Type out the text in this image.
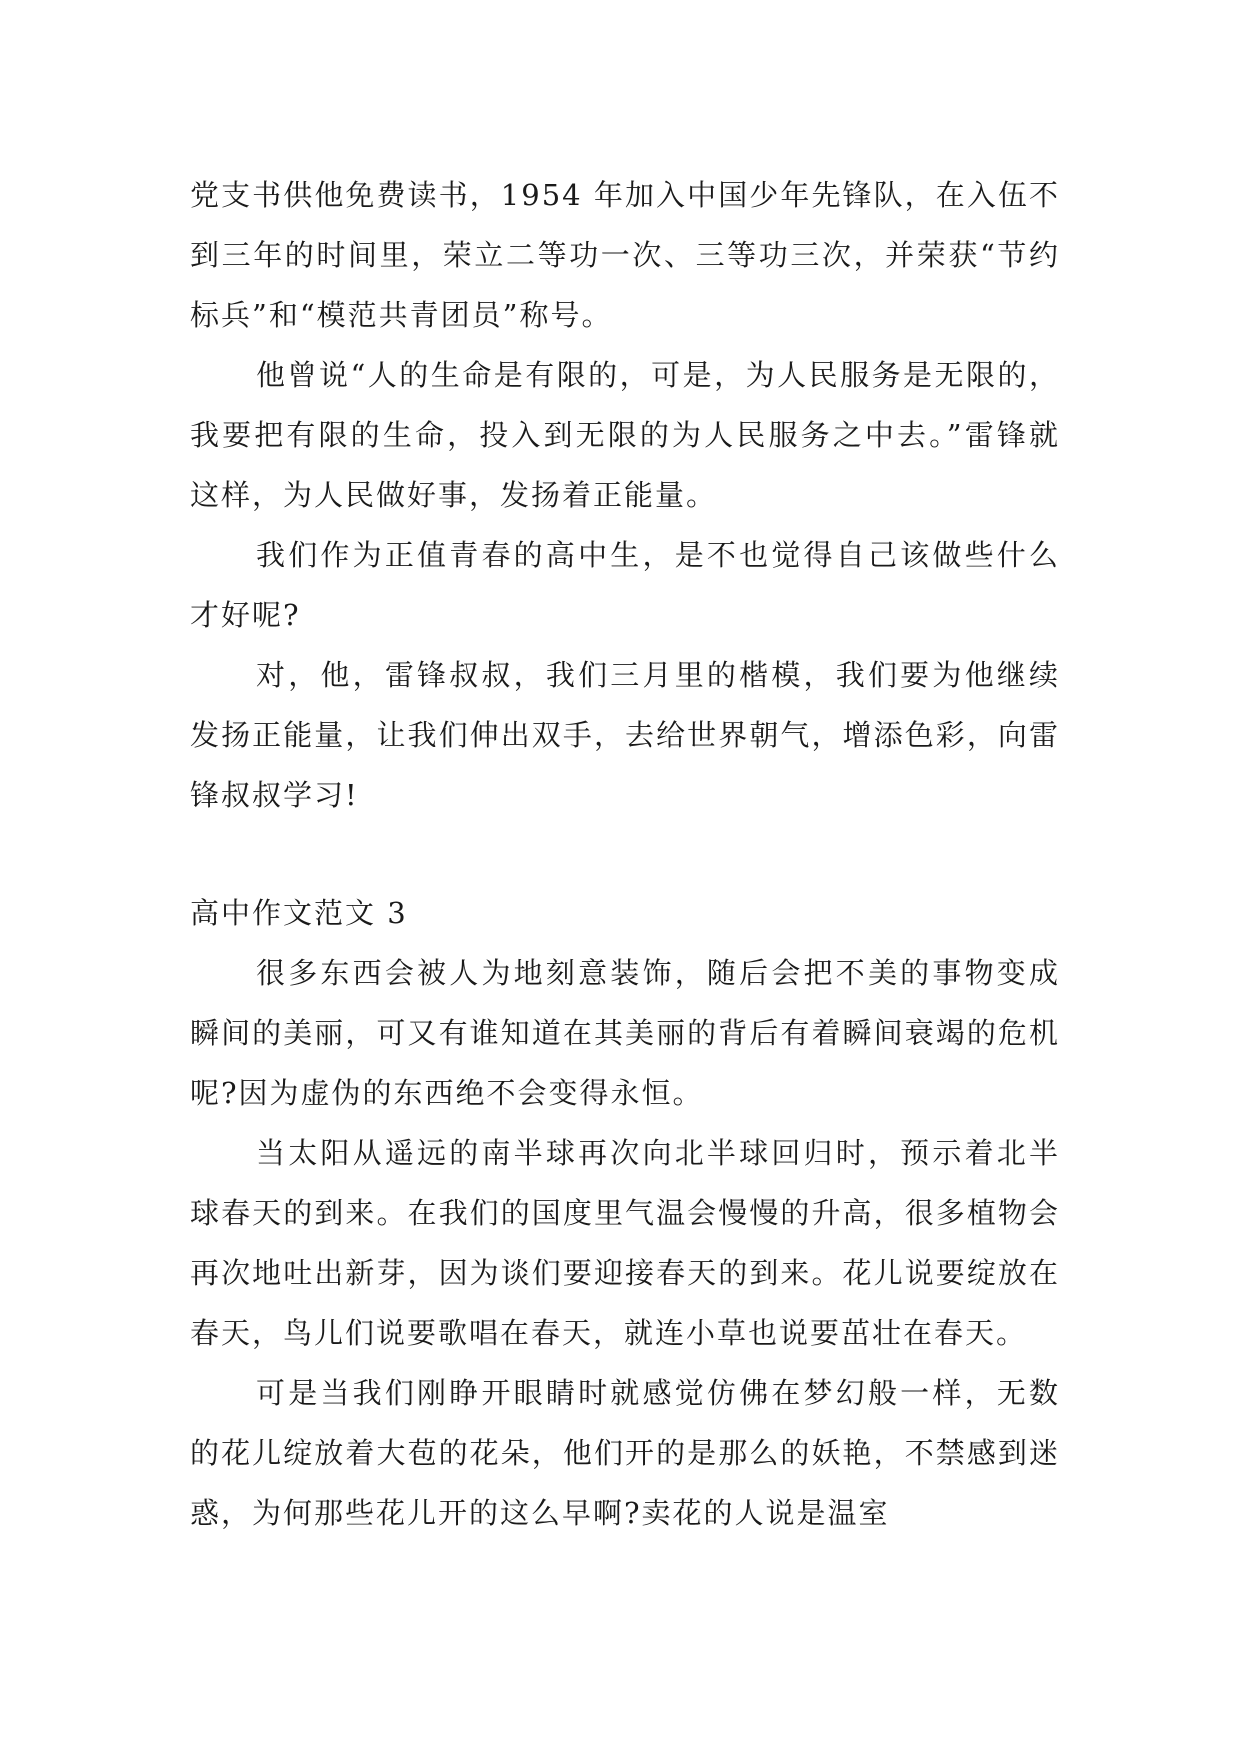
党支书供他免费读书，1954 年加入中国少年先锋队，在入伍不到三年的时间里，荣立二等功一次、三等功三次，并荣获“节约标兵”和“模范共青团员”称号。

他曾说“人的生命是有限的，可是，为人民服务是无限的，我要把有限的生命，投入到无限的为人民服务之中去。”雷锋就这样，为人民做好事，发扬着正能量。

我们作为正值青春的高中生，是不也觉得自己该做些什么才好呢?

对，他，雷锋叔叔，我们三月里的楷模，我们要为他继续发扬正能量，让我们伸出双手，去给世界朝气，增添色彩，向雷锋叔叔学习!

高中作文范文 3

很多东西会被人为地刻意装饰，随后会把不美的事物变成瞬间的美丽，可又有谁知道在其美丽的背后有着瞬间衰竭的危机呢?因为虚伪的东西绝不会变得永恒。

当太阳从遥远的南半球再次向北半球回归时，预示着北半球春天的到来。在我们的国度里气温会慢慢的升高，很多植物会再次地吐出新芽，因为谈们要迎接春天的到来。花儿说要绽放在春天，鸟儿们说要歌唱在春天，就连小草也说要茁壮在春天。

可是当我们刚睁开眼睛时就感觉仿佛在梦幻般一样，无数的花儿绽放着大苞的花朵，他们开的是那么的妖艳，不禁感到迷惑，为何那些花儿开的这么早啊?卖花的人说是温室
